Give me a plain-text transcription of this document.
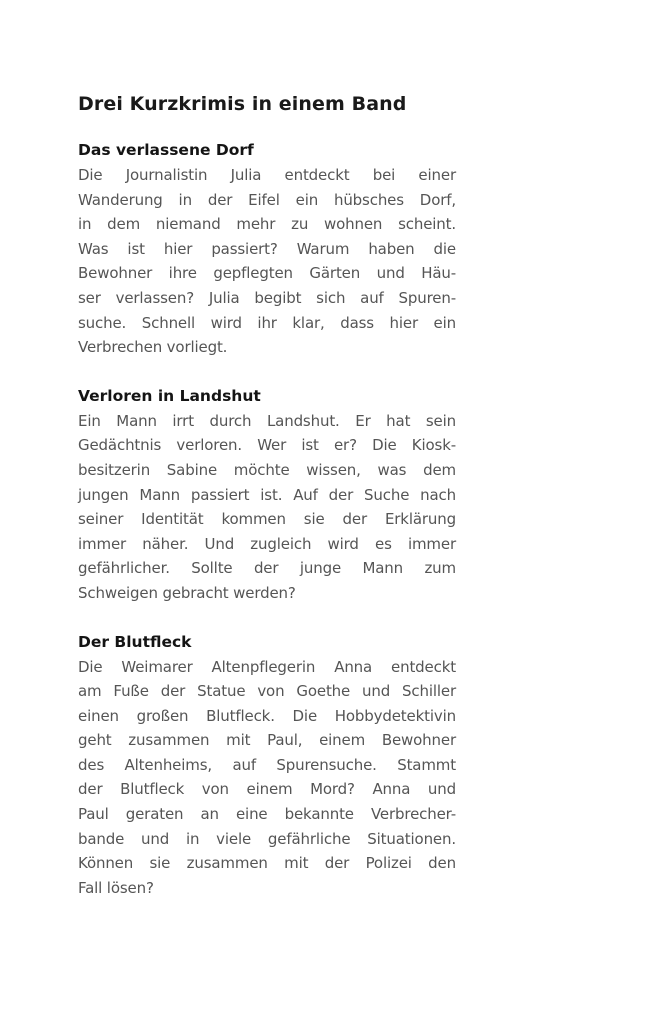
Drei Kurzkrimis in einem Band
Das verlassene Dorf
Die Journalistin Julia entdeckt bei einer
Wanderung in der Eifel ein hübsches Dorf,
in dem niemand mehr zu wohnen scheint.
Was ist hier passiert? Warum haben die
Bewohner ihre gepflegten Gärten und Häu-
ser verlassen? Julia begibt sich auf Spuren-
suche. Schnell wird ihr klar, dass hier ein
Verbrechen vorliegt.
Verloren in Landshut
Ein Mann irrt durch Landshut. Er hat sein
Gedächtnis verloren. Wer ist er? Die Kiosk-
besitzerin Sabine möchte wissen, was dem
jungen Mann passiert ist. Auf der Suche nach
seiner Identität kommen sie der Erklärung
immer näher. Und zugleich wird es immer
gefährlicher. Sollte der junge Mann zum
Schweigen gebracht werden?
Der Blutfleck
Die Weimarer Altenpflegerin Anna entdeckt
am Fuße der Statue von Goethe und Schiller
einen großen Blutfleck. Die Hobbydetektivin
geht zusammen mit Paul, einem Bewohner
des Altenheims, auf Spurensuche. Stammt
der Blutfleck von einem Mord? Anna und
Paul geraten an eine bekannte Verbrecher-
bande und in viele gefährliche Situationen.
Können sie zusammen mit der Polizei den
Fall lösen?
